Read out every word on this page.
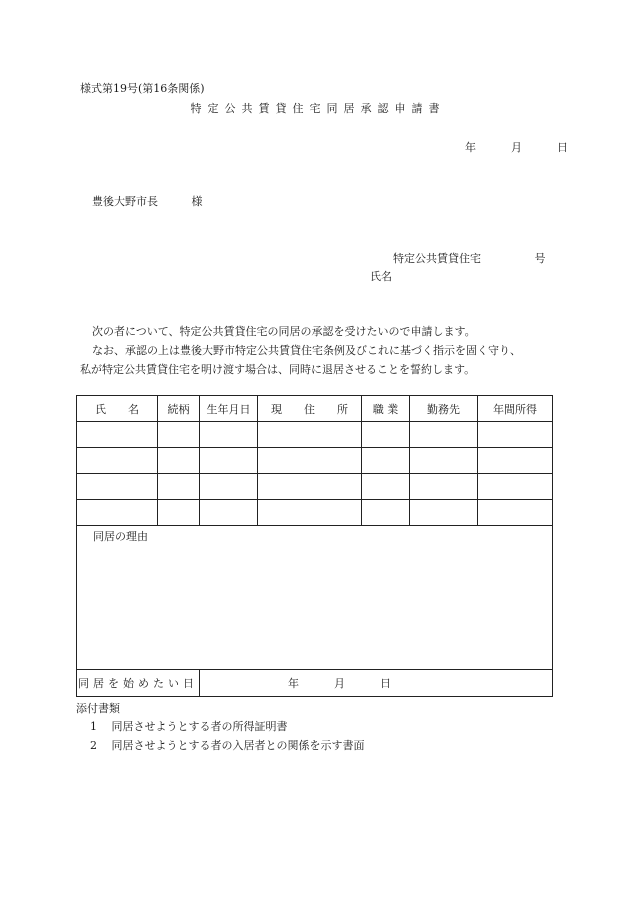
様式第19号(第16条関係)
特定公共賃貸住宅同居承認申請書
年	月	日
豊後大野市長	様
特定公共賃貸住宅	号
氏名

次の者について、特定公共賃貸住宅の同居の承認を受けたいので申請します。

なお、承認の上は豊後大野市特定公共賃貸住宅条例及びこれに基づく指示を固く守り、

私が特定公共賃貸住宅を明け渡す場合は、同時に退居させることを誓約します。

氏　　名	続柄	生年月日	現　　住　　所	職 業	勤務先	年間所得

同居の理由						

同居を始めたい日		年 月 日				
添付書類
1 同居させようとする者の所得証明書
2 同居させようとする者の入居者との関係を示す書面
